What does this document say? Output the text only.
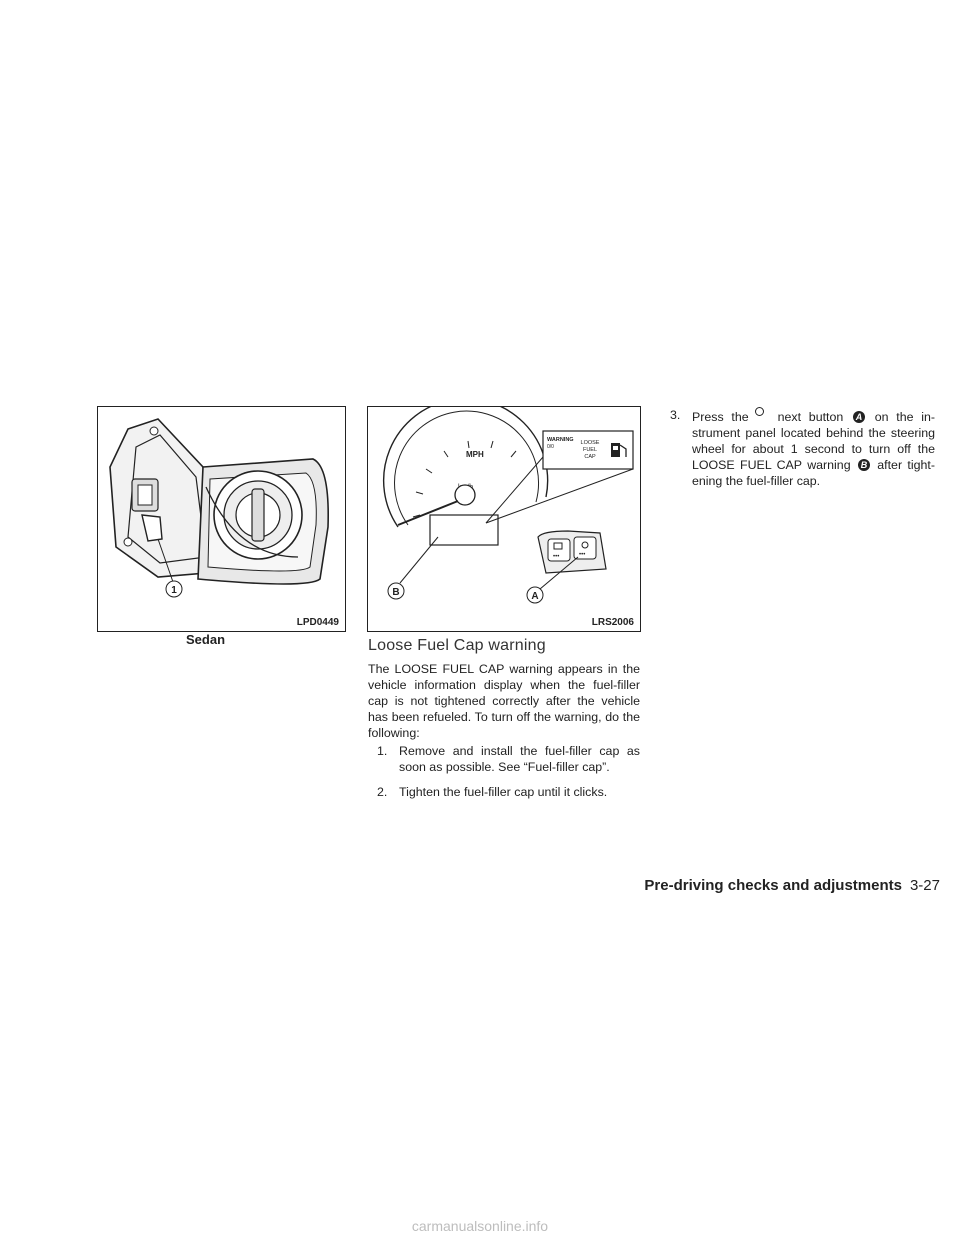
1
LPD0449
Sedan
MPH
WARNING
0/0
LOOSE
FUEL
CAP
•••	•••
A
B
LRS2006
Loose Fuel Cap warning

The LOOSE FUEL CAP warning appears in the vehicle information display when the fuel-filler cap is not tightened correctly after the vehicle has been refueled. To turn off the warning, do the following:

1. Remove and install the fuel-filler cap as soon as possible. See “Fuel-filler cap”.
2. Tighten the fuel-filler cap until it clicks.
3. Press the next button A on the in- strument panel located behind the steering wheel for about 1 second to turn off the LOOSE FUEL CAP warning B after tight- ening the fuel-filler cap.
Pre-driving checks and adjustments 3-27
carmanualsonline.info
